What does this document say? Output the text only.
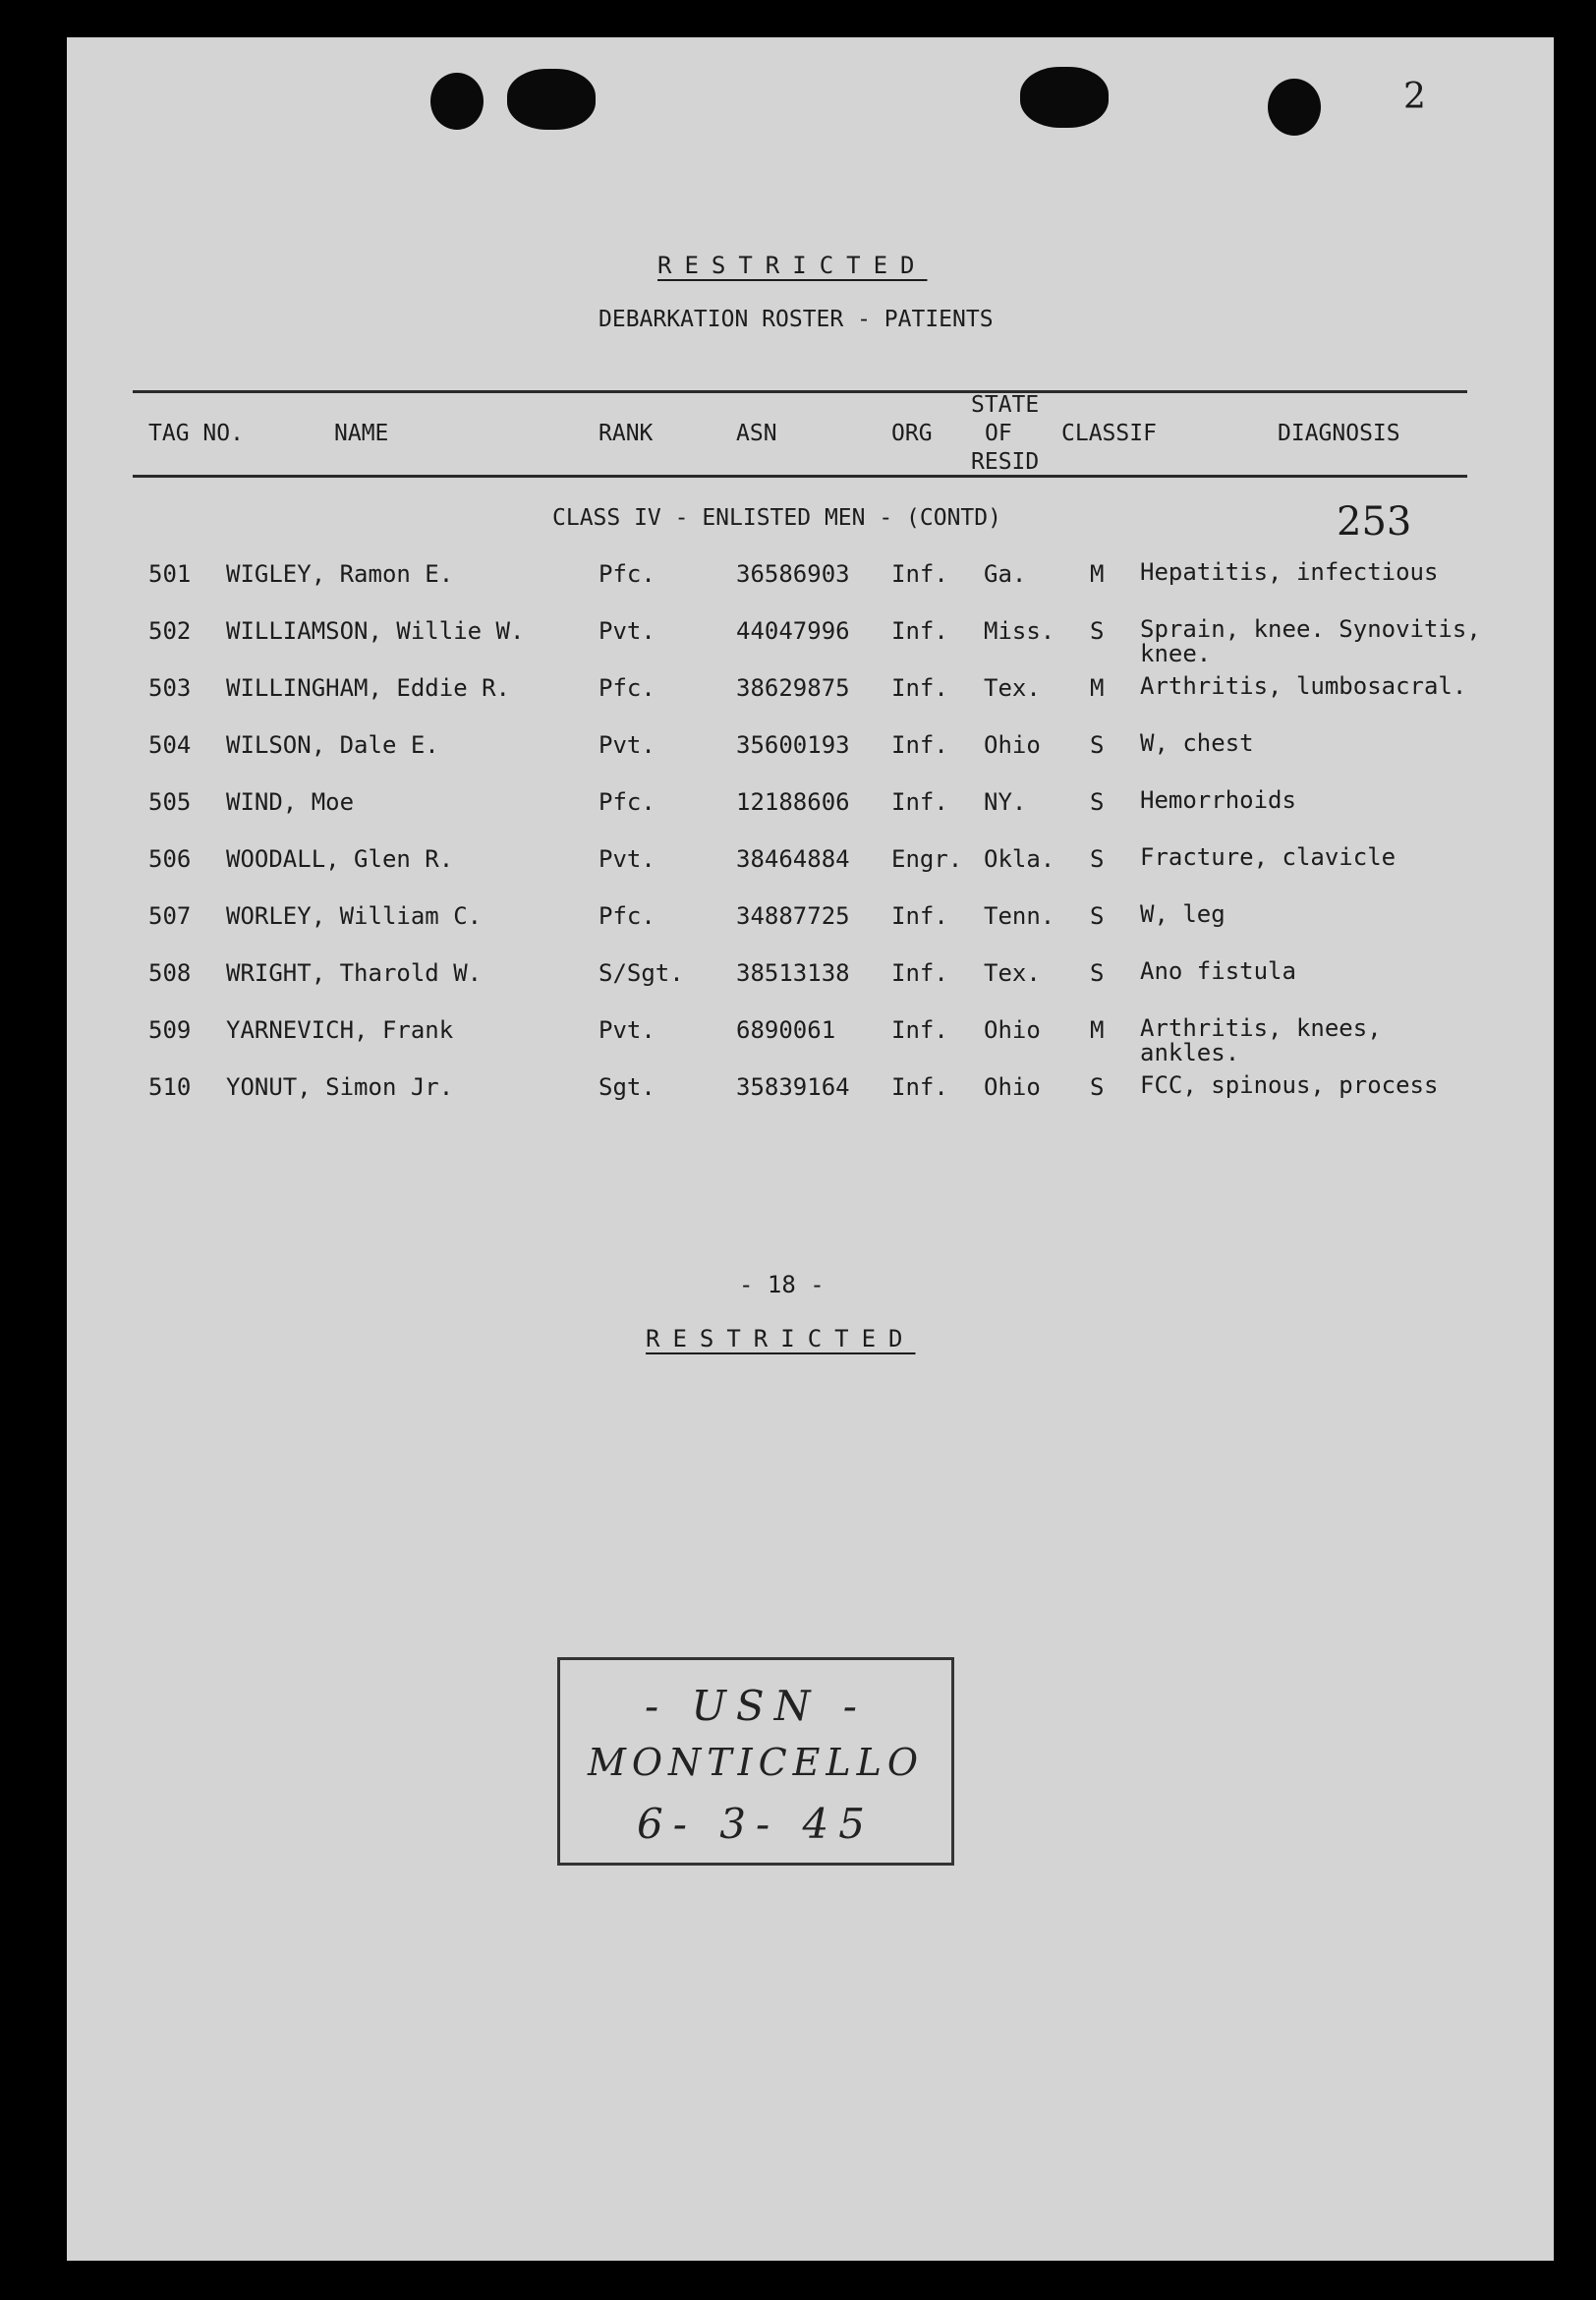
2
RESTRICTED
DEBARKATION ROSTER - PATIENTS
TAG NO.	NAME	RANK	ASN	ORG
STATE
OF
RESID
CLASSIF	DIAGNOSIS
CLASS IV - ENLISTED MEN - (CONTD)	253
501 WIGLEY, Ramon E.	Pfc.	36586903 Inf. Ga.	M Hepatitis, infectious
502 WILLIAMSON, Willie W.	Pvt.	44047996 Inf. Miss. S Sprain, knee. Synovitis, knee.
503 WILLINGHAM, Eddie R.	Pfc.	38629875 Inf. Tex. M Arthritis, lumbosacral.
504 WILSON, Dale E.	Pvt.	35600193 Inf. Ohio S W, chest
505 WIND, Moe	Pfc.	12188606 Inf. NY.	S Hemorrhoids
506 WOODALL, Glen R.	Pvt.	38464884 Engr. Okla. S Fracture, clavicle
507 WORLEY, William C.	Pfc.	34887725 Inf. Tenn. S W, leg
508 WRIGHT, Tharold W.	S/Sgt. 38513138 Inf. Tex. S Ano fistula
509 YARNEVICH, Frank	Pvt.	6890061 Inf. Ohio M Arthritis, knees, ankles.
510 YONUT, Simon Jr.	Sgt.	35839164 Inf. Ohio S FCC, spinous, process
- 18 -
RESTRICTED
- USN -
MONTICELLO
6- 3- 45
